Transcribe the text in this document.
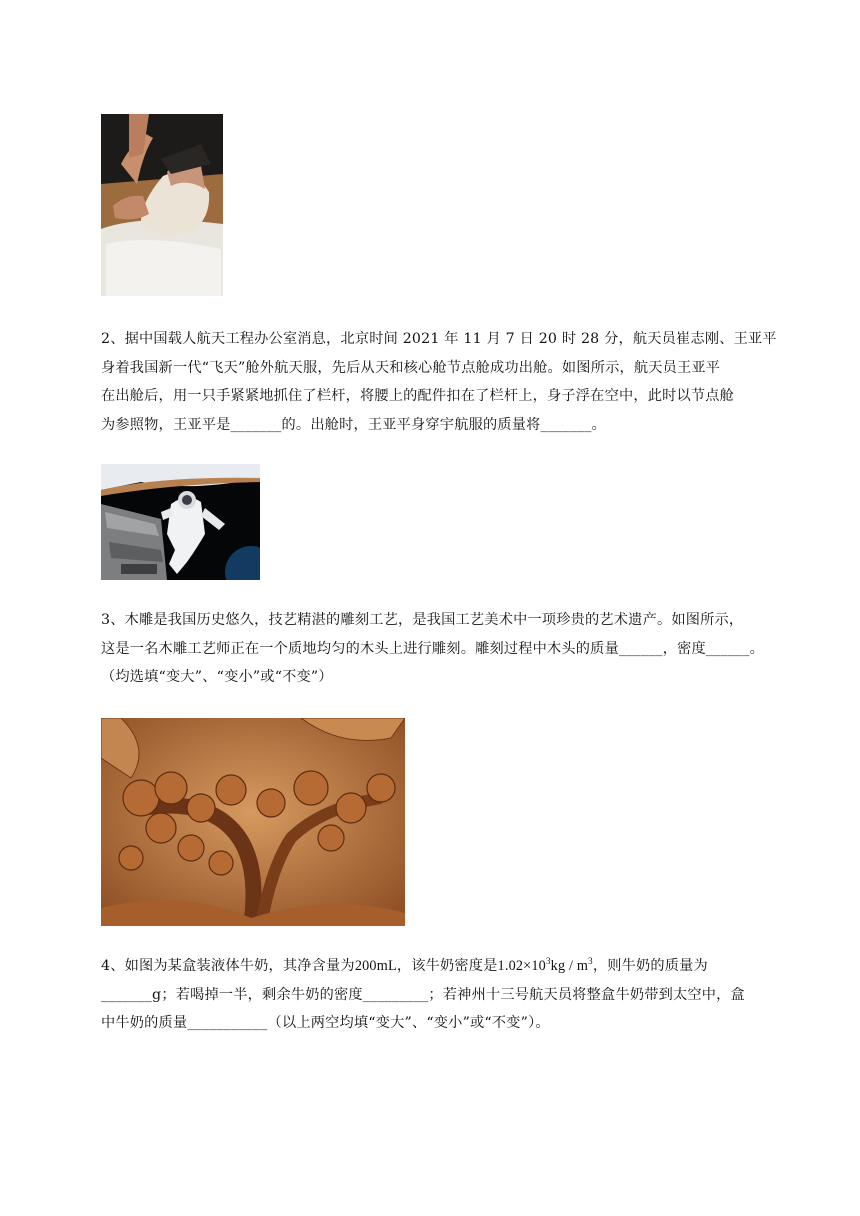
2、据中国载人航天工程办公室消息，北京时间 2021 年 11 月 7 日 20 时 28 分，航天员崔志刚、王亚平

身着我国新一代“飞天”舱外航天服，先后从天和核心舱节点舱成功出舱。如图所示，航天员王亚平

在出舱后，用一只手紧紧地抓住了栏杆，将腰上的配件扣在了栏杆上，身子浮在空中，此时以节点舱

为参照物，王亚平是_______的。出舱时，王亚平身穿宇航服的质量将_______。

3、木雕是我国历史悠久，技艺精湛的雕刻工艺，是我国工艺美术中一项珍贵的艺术遗产。如图所示，

这是一名木雕工艺师正在一个质地均匀的木头上进行雕刻。雕刻过程中木头的质量______，密度______。

（均选填“变大”、“变小”或“不变”）

4、如图为某盒装液体牛奶，其净含量为200mL，该牛奶密度是$1.02\times 10^3kg / m^3$，则牛奶的质量为

_______g；若喝掉一半，剩余牛奶的密度_________；若神州十三号航天员将整盒牛奶带到太空中，盒

中牛奶的质量___________（以上两空均填“变大”、“变小”或“不变”）。
